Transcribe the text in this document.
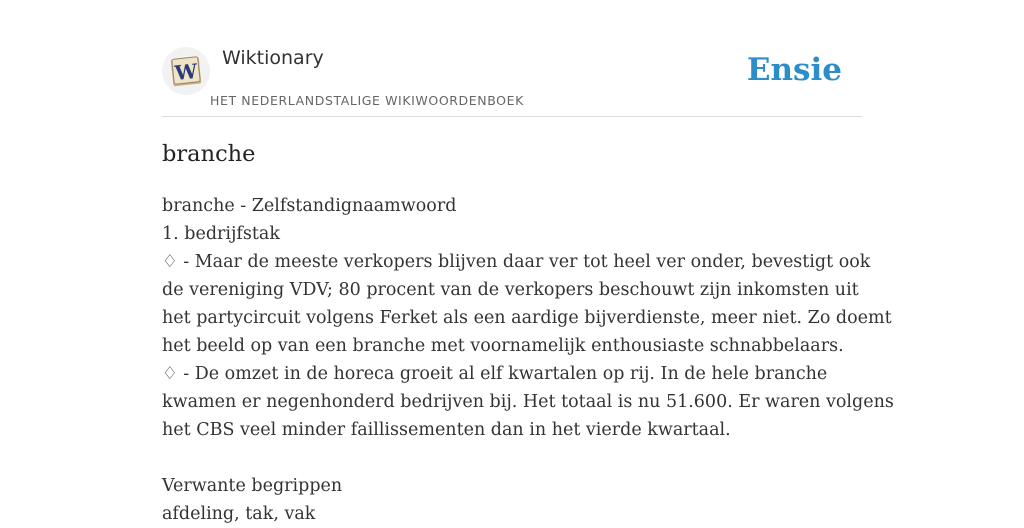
W
Wiktionary
HET NEDERLANDSTALIGE WIKIWOORDENBOEK
Ensie
branche
branche - Zelfstandignaamwoord
1. bedrijfstak
♢ - Maar de meeste verkopers blijven daar ver tot heel ver onder, bevestigt ook
de vereniging VDV; 80 procent van de verkopers beschouwt zijn inkomsten uit
het partycircuit volgens Ferket als een aardige bijverdienste, meer niet. Zo doemt
het beeld op van een branche met voornamelijk enthousiaste schnabbelaars.
♢ - De omzet in de horeca groeit al elf kwartalen op rij. In de hele branche
kwamen er negenhonderd bedrijven bij. Het totaal is nu 51.600. Er waren volgens
het CBS veel minder faillissementen dan in het vierde kwartaal.
Verwante begrippen
afdeling, tak, vak
